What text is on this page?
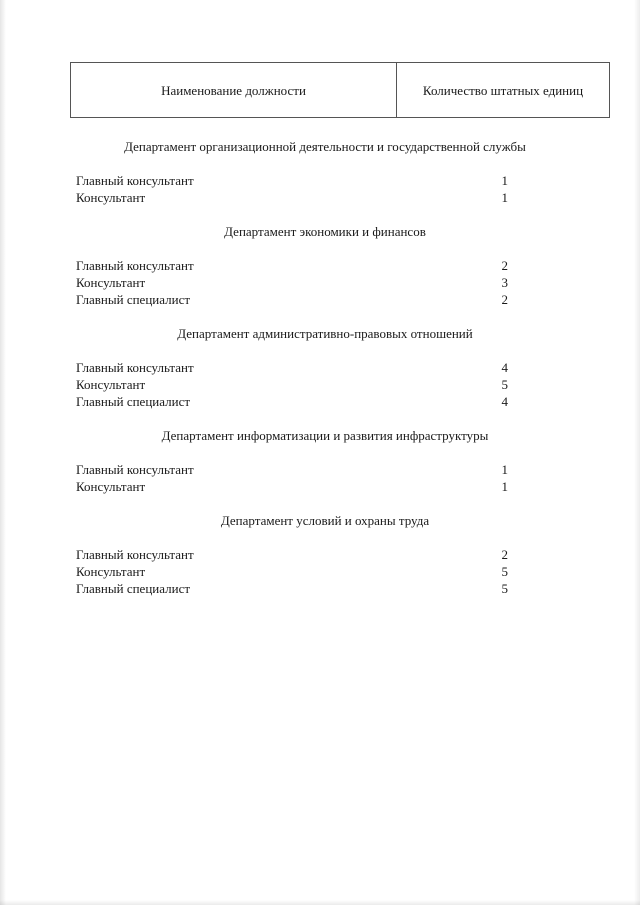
Наименование должности	Количество штатных единиц
Департамент организационной деятельности и государственной службы
Главный консультант	1
Консультант	1
Департамент экономики и финансов
Главный консультант	2
Консультант	3
Главный специалист	2
Департамент административно-правовых отношений
Главный консультант	4
Консультант	5
Главный специалист	4
Департамент информатизации и развития инфраструктуры
Главный консультант	1
Консультант	1
Департамент условий и охраны труда
Главный консультант	2
Консультант	5
Главный специалист	5
